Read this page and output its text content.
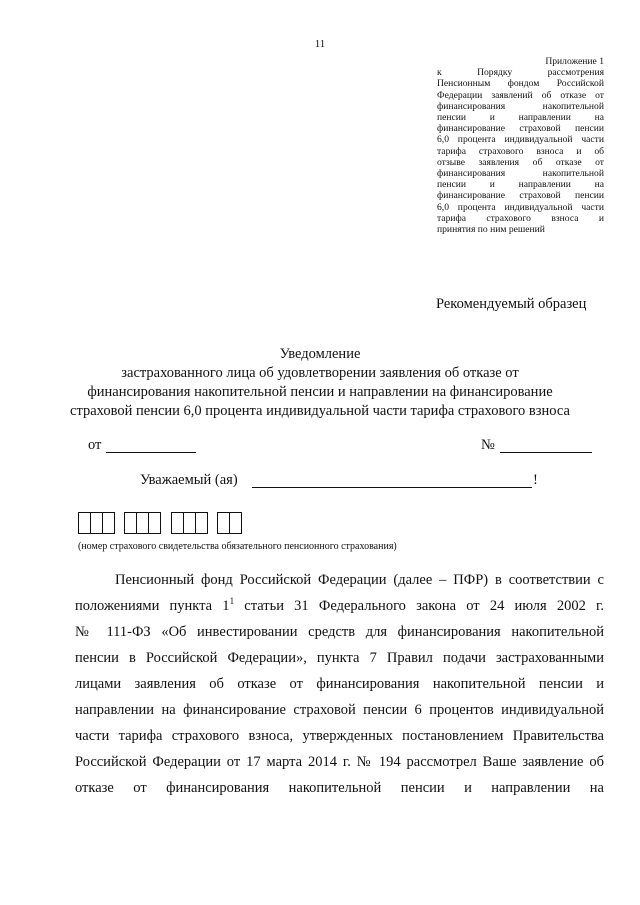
11
Приложение 1
к Порядку рассмотрения
Пенсионным фондом Российской
Федерации заявлений об отказе от
финансирования накопительной
пенсии и направлении на
финансирование страховой пенсии
6,0 процента индивидуальной части
тарифа страхового взноса и об
отзыве заявления об отказе от
финансирования накопительной
пенсии и направлении на
финансирование страховой пенсии
6,0 процента индивидуальной части
тарифа страхового взноса и
принятия по ним решений
Рекомендуемый образец
Уведомление
застрахованного лица об удовлетворении заявления об отказе от
финансирования накопительной пенсии и направлении на финансирование
страховой пенсии 6,0 процента индивидуальной части тарифа страхового взноса
от	№
Уважаемый (ая)	!
(номер страхового свидетельства обязательного пенсионного страхования)
Пенсионный фонд Российской Федерации (далее – ПФР) в соответствии с
положениями пункта $1^1$ статьи 31 Федерального закона от 24 июля 2002 г.
№ 111-ФЗ «Об инвестировании средств для финансирования накопительной
пенсии в Российской Федерации», пункта 7 Правил подачи застрахованными
лицами заявления об отказе от финансирования накопительной пенсии и
направлении на финансирование страховой пенсии 6 процентов индивидуальной
части тарифа страхового взноса, утвержденных постановлением Правительства
Российской Федерации от 17 марта 2014 г. № 194 рассмотрел Ваше заявление об
отказе от финансирования накопительной пенсии и направлении на
